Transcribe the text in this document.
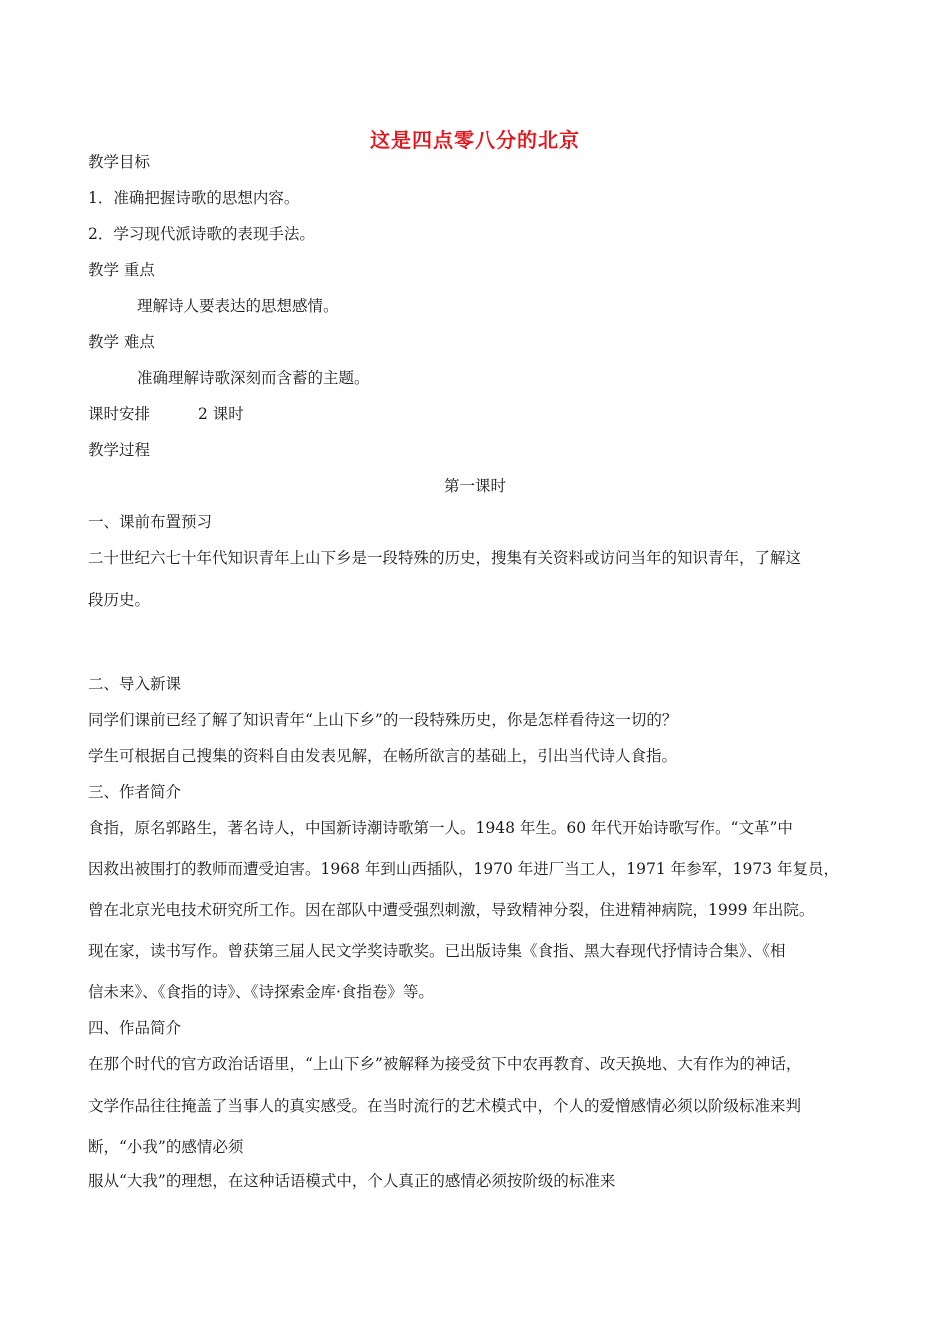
这是四点零八分的北京
教学目标
1．准确把握诗歌的思想内容。
2．学习现代派诗歌的表现手法。
教学 重点
理解诗人要表达的思想感情。
教学 难点
准确理解诗歌深刻而含蓄的主题。
课时安排	2 课时
教学过程
第一课时
一、课前布置预习
二十世纪六七十年代知识青年上山下乡是一段特殊的历史，搜集有关资料或访问当年的知识青年，了解这
段历史。
二、导入新课
同学们课前已经了解了知识青年“上山下乡”的一段特殊历史，你是怎样看待这一切的？
学生可根据自己搜集的资料自由发表见解，在畅所欲言的基础上，引出当代诗人食指。
三、作者简介
食指，原名郭路生，著名诗人，中国新诗潮诗歌第一人。1948 年生。60 年代开始诗歌写作。“文革”中
因救出被围打的教师而遭受迫害。1968 年到山西插队，1970 年进厂当工人，1971 年参军，1973 年复员，
曾在北京光电技术研究所工作。因在部队中遭受强烈刺激，导致精神分裂，住进精神病院，1999 年出院。
现在家，读书写作。曾获第三届人民文学奖诗歌奖。已出版诗集《食指、黑大春现代抒情诗合集》、《相
信未来》、《食指的诗》、《诗探索金库·食指卷》等。
四、作品简介
在那个时代的官方政治话语里，“上山下乡”被解释为接受贫下中农再教育、改天换地、大有作为的神话，
文学作品往往掩盖了当事人的真实感受。在当时流行的艺术模式中，个人的爱憎感情必须以阶级标准来判
断，“小我”的感情必须
服从“大我”的理想，在这种话语模式中，个人真正的感情必须按阶级的标准来
